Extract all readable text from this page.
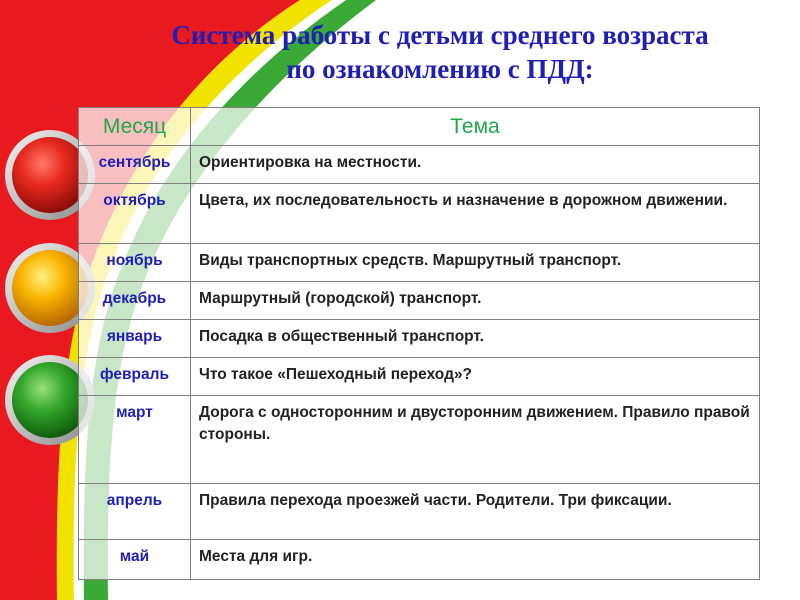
Система работы с детьми среднего возраста
по ознакомлению с ПДД:
Месяц	Тема
сентябрь	Ориентировка на местности.
октябрь	Цвета, их последовательность и назначение в дорожном движении.
ноябрь	Виды транспортных средств. Маршрутный транспорт.
декабрь	Маршрутный (городской) транспорт.
январь	Посадка в общественный транспорт.
февраль	Что такое «Пешеходный переход»?
март	Дорога с односторонним и двусторонним движением. Правило правой стороны.
апрель	Правила перехода проезжей части. Родители. Три фиксации.
май	Места для игр.
